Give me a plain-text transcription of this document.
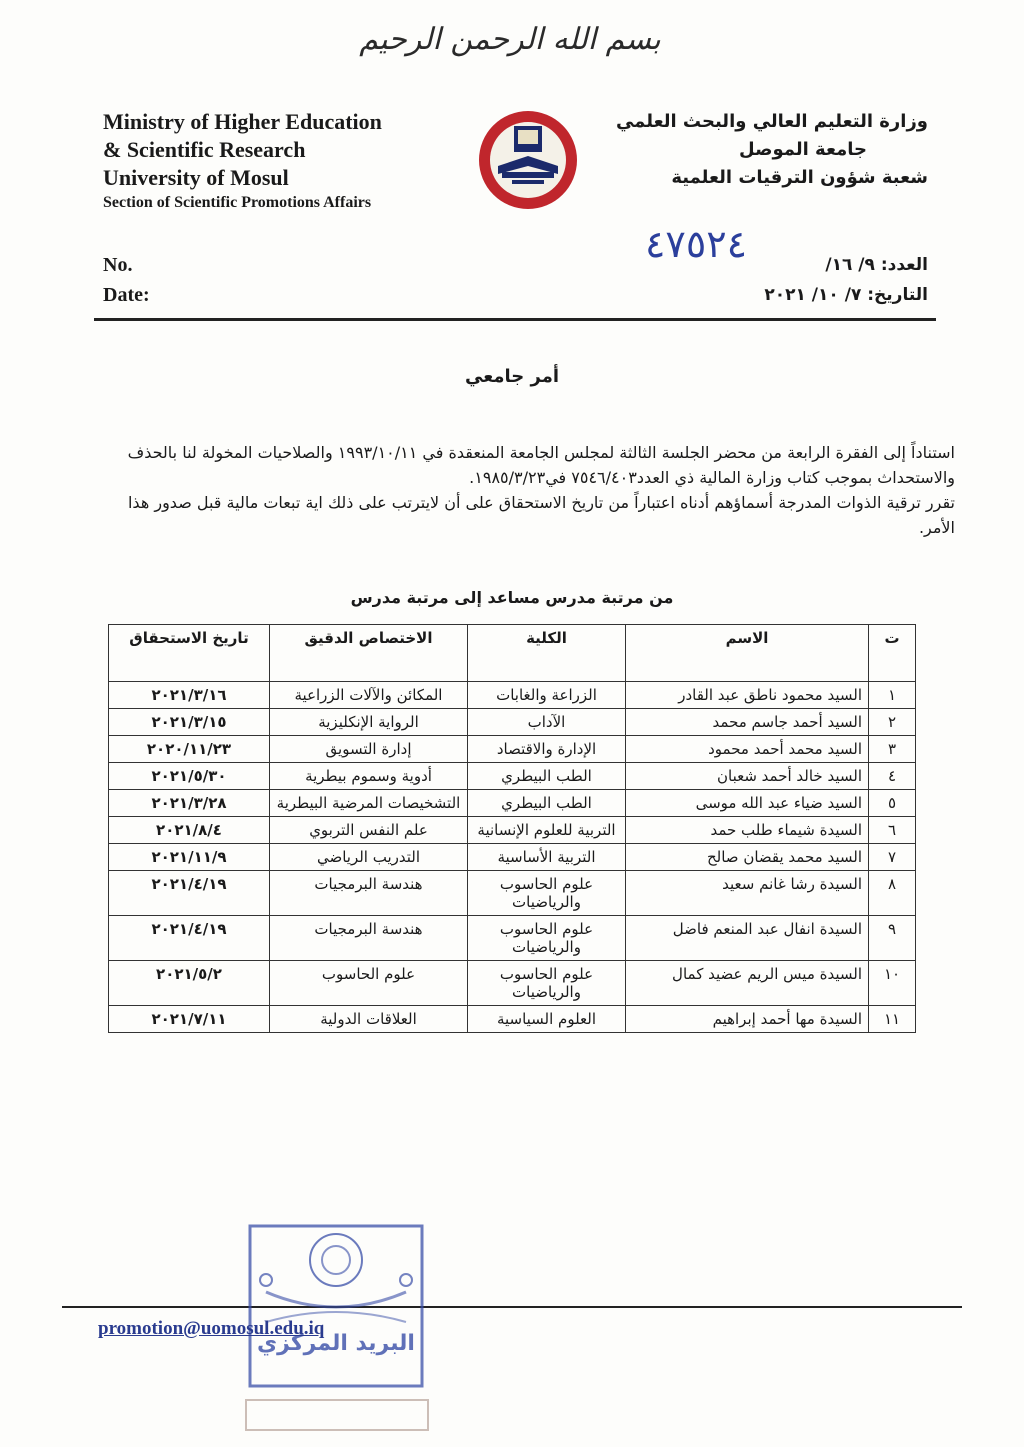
بسم الله الرحمن الرحيم
Ministry of Higher Education
& Scientific Research
University of Mosul
Section of Scientific Promotions Affairs
وزارة التعليم العالي والبحث العلمي
جامعة الموصل
شعبة شؤون الترقيات العلمية
No.
Date:
٤٧٥٢٤	العدد: ٩/ ١٦/
التاريخ: ٧/ ١٠/ ٢٠٢١
أمر جامعي

استناداً إلى الفقرة الرابعة من محضر الجلسة الثالثة لمجلس الجامعة المنعقدة في ١٩٩٣/١٠/١١ والصلاحيات المخولة لنا بالحذف والاستحداث بموجب كتاب وزارة المالية ذي العدد٧٥٤٦/٤٠٣ في١٩٨٥/٣/٢٣.

تقرر ترقية الذوات المدرجة أسماؤهم أدناه اعتباراً من تاريخ الاستحقاق على أن لايترتب على ذلك اية تبعات مالية قبل صدور هذا الأمر.

من مرتبة مدرس مساعد إلى مرتبة مدرس
ت	الاسم	الكلية	الاختصاص الدقيق	تاريخ الاستحقاق
١	السيد محمود ناطق عبد القادر	الزراعة والغابات	المكائن والآلات الزراعية	٢٠٢١/٣/١٦
٢	السيد أحمد جاسم محمد	الآداب	الرواية الإنكليزية	٢٠٢١/٣/١٥
٣	السيد محمد أحمد محمود	الإدارة والاقتصاد	إدارة التسويق	٢٠٢٠/١١/٢٣
٤	السيد خالد أحمد شعبان	الطب البيطري	أدوية وسموم بيطرية	٢٠٢١/٥/٣٠
٥	السيد ضياء عبد الله موسى	الطب البيطري	التشخيصات المرضية البيطرية	٢٠٢١/٣/٢٨
٦	السيدة شيماء طلب حمد	التربية للعلوم الإنسانية	علم النفس التربوي	٢٠٢١/٨/٤
٧	السيد محمد يقضان صالح	التربية الأساسية	التدريب الرياضي	٢٠٢١/١١/٩
٨	السيدة رشا غانم سعيد	علوم الحاسوب والرياضيات	هندسة البرمجيات	٢٠٢١/٤/١٩
٩	السيدة انفال عبد المنعم فاضل	علوم الحاسوب والرياضيات	هندسة البرمجيات	٢٠٢١/٤/١٩
١٠	السيدة ميس الريم عضيد كمال	علوم الحاسوب والرياضيات	علوم الحاسوب	٢٠٢١/٥/٢
١١	السيدة مها أحمد إبراهيم	العلوم السياسية	العلاقات الدولية	٢٠٢١/٧/١١
البريد المركزي
promotion@uomosul.edu.iq
